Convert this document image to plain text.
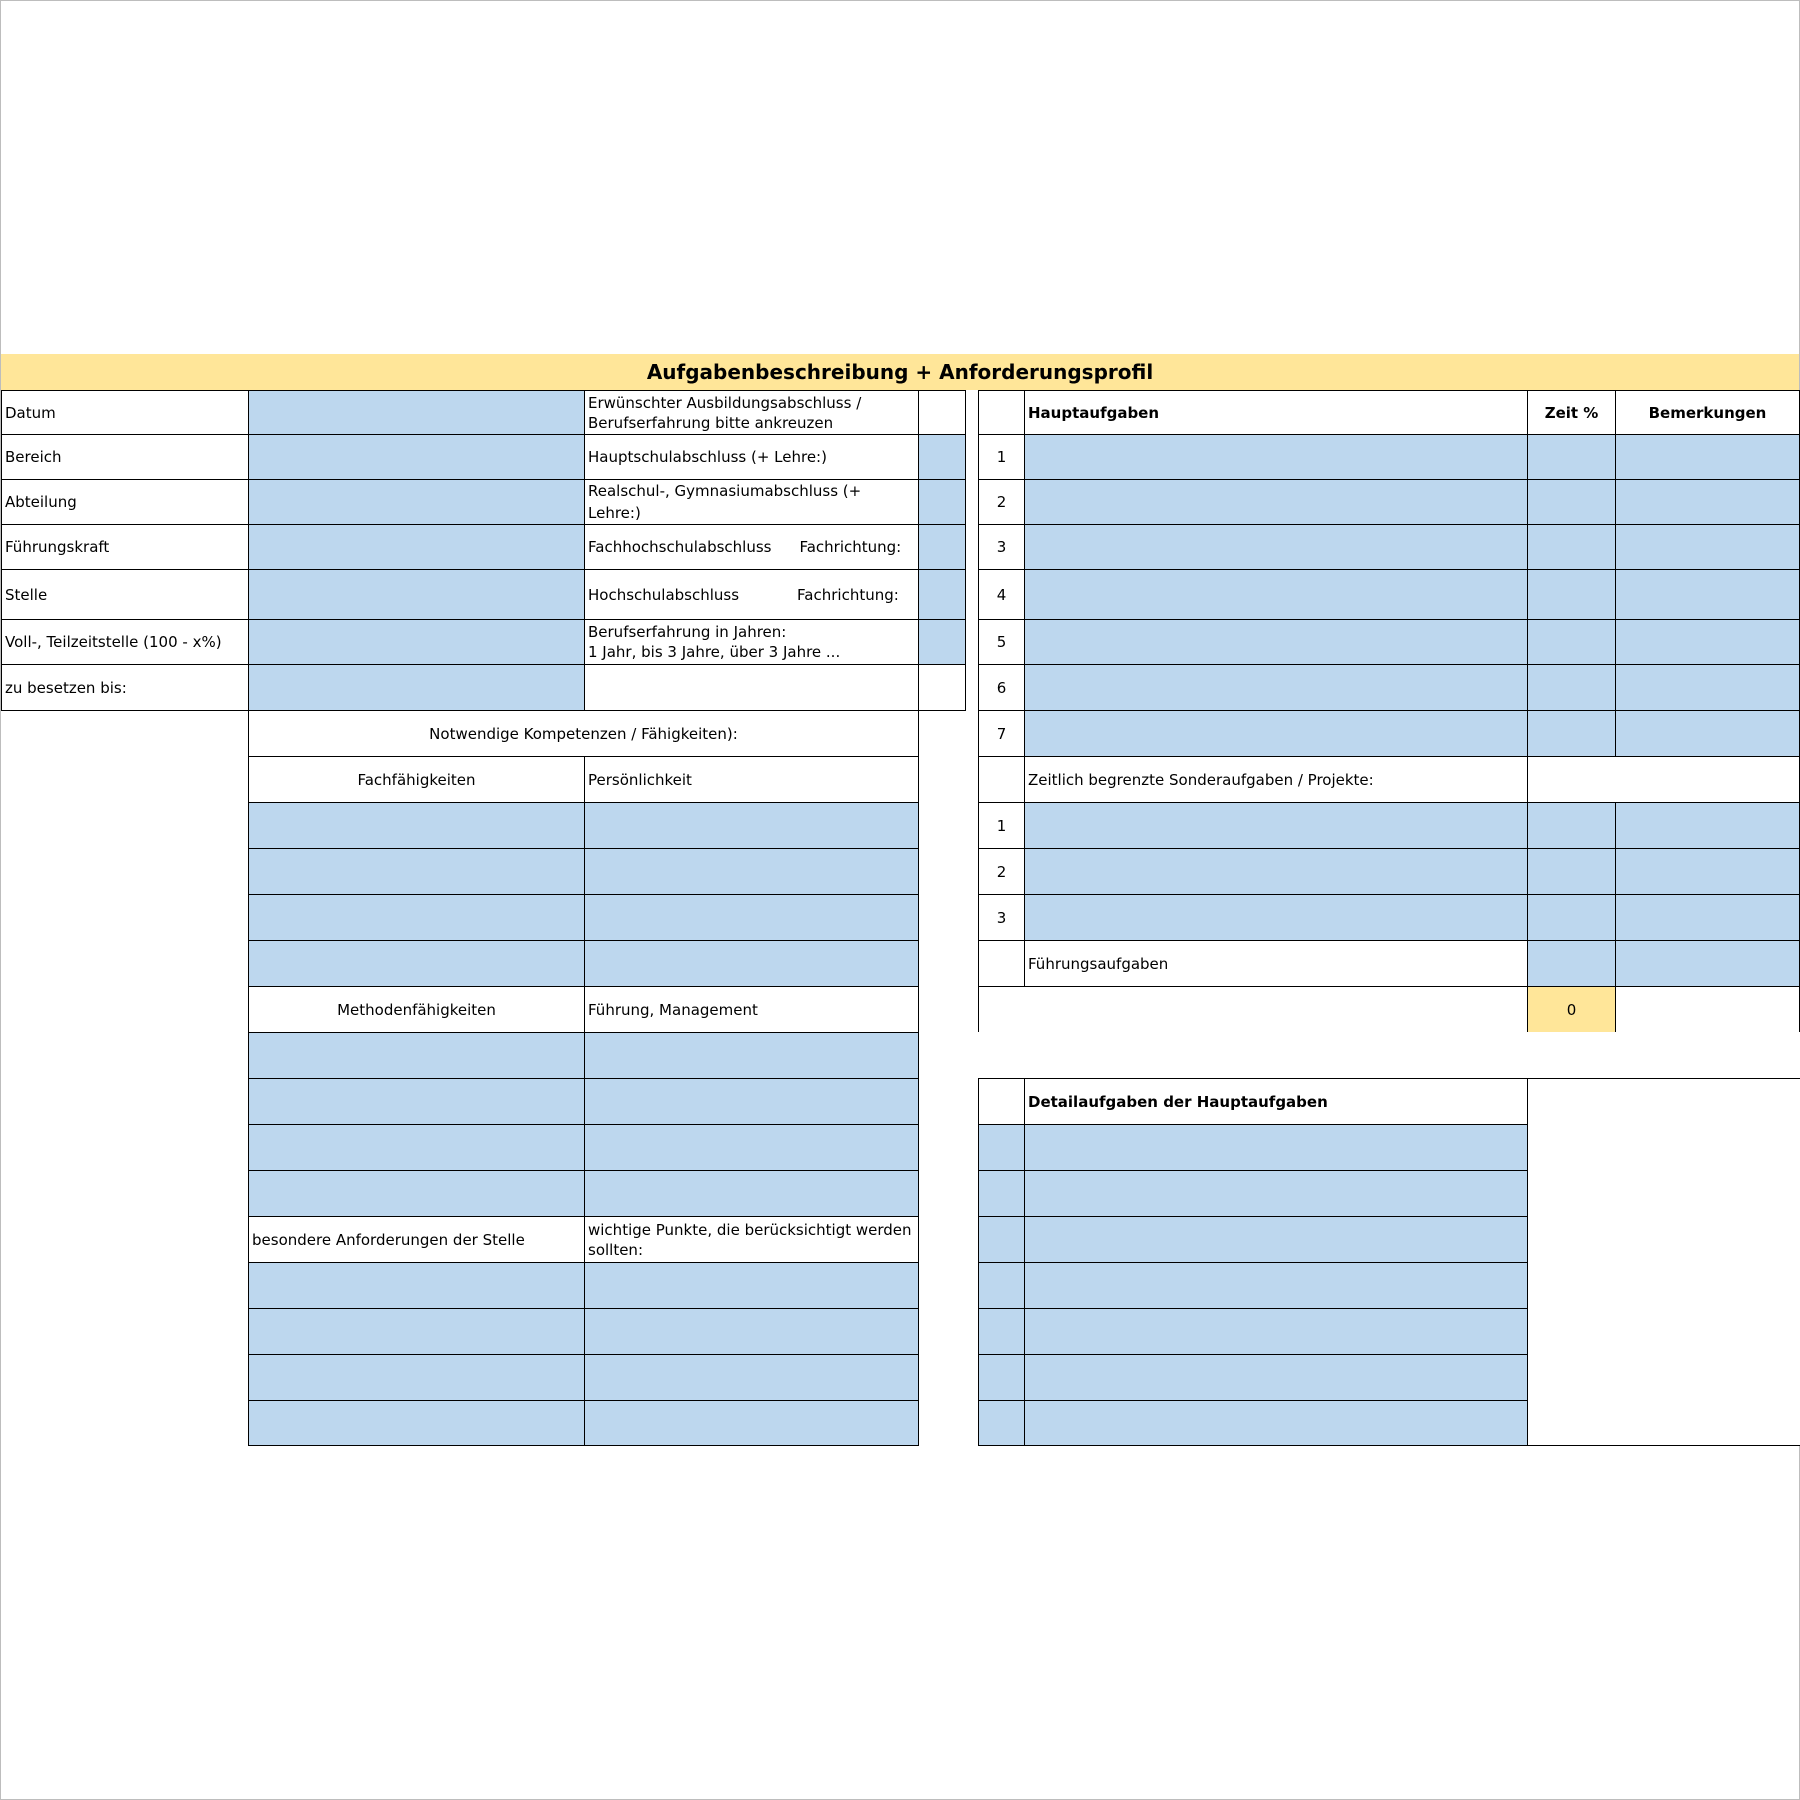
Aufgabenbeschreibung + Anforderungsprofil
Datum
Bereich
Abteilung
Führungskraft
Stelle
Voll-, Teilzeitstelle (100 - x%)
zu besetzen bis:
Erwünschter Ausbildungsabschluss /
Berufserfahrung bitte ankreuzen
Hauptschulabschluss (+ Lehre:)
Realschul-, Gymnasiumabschluss (+ Lehre:)
Fachhochschulabschluss Fachrichtung:
Hochschulabschluss	Fachrichtung:
Berufserfahrung in Jahren:
1 Jahr, bis 3 Jahre, über 3 Jahre ...
Notwendige Kompetenzen / Fähigkeiten):
Fachfähigkeiten	Persönlichkeit
Methodenfähigkeiten	Führung, Management
besondere Anforderungen der Stelle
wichtige Punkte, die berücksichtigt werden
sollten:
Hauptaufgaben	Zeit %	Bemerkungen
1
2
3
4
5
6
7
Zeitlich begrenzte Sonderaufgaben / Projekte:
1
2
3
Führungsaufgaben
0
Detailaufgaben der Hauptaufgaben
